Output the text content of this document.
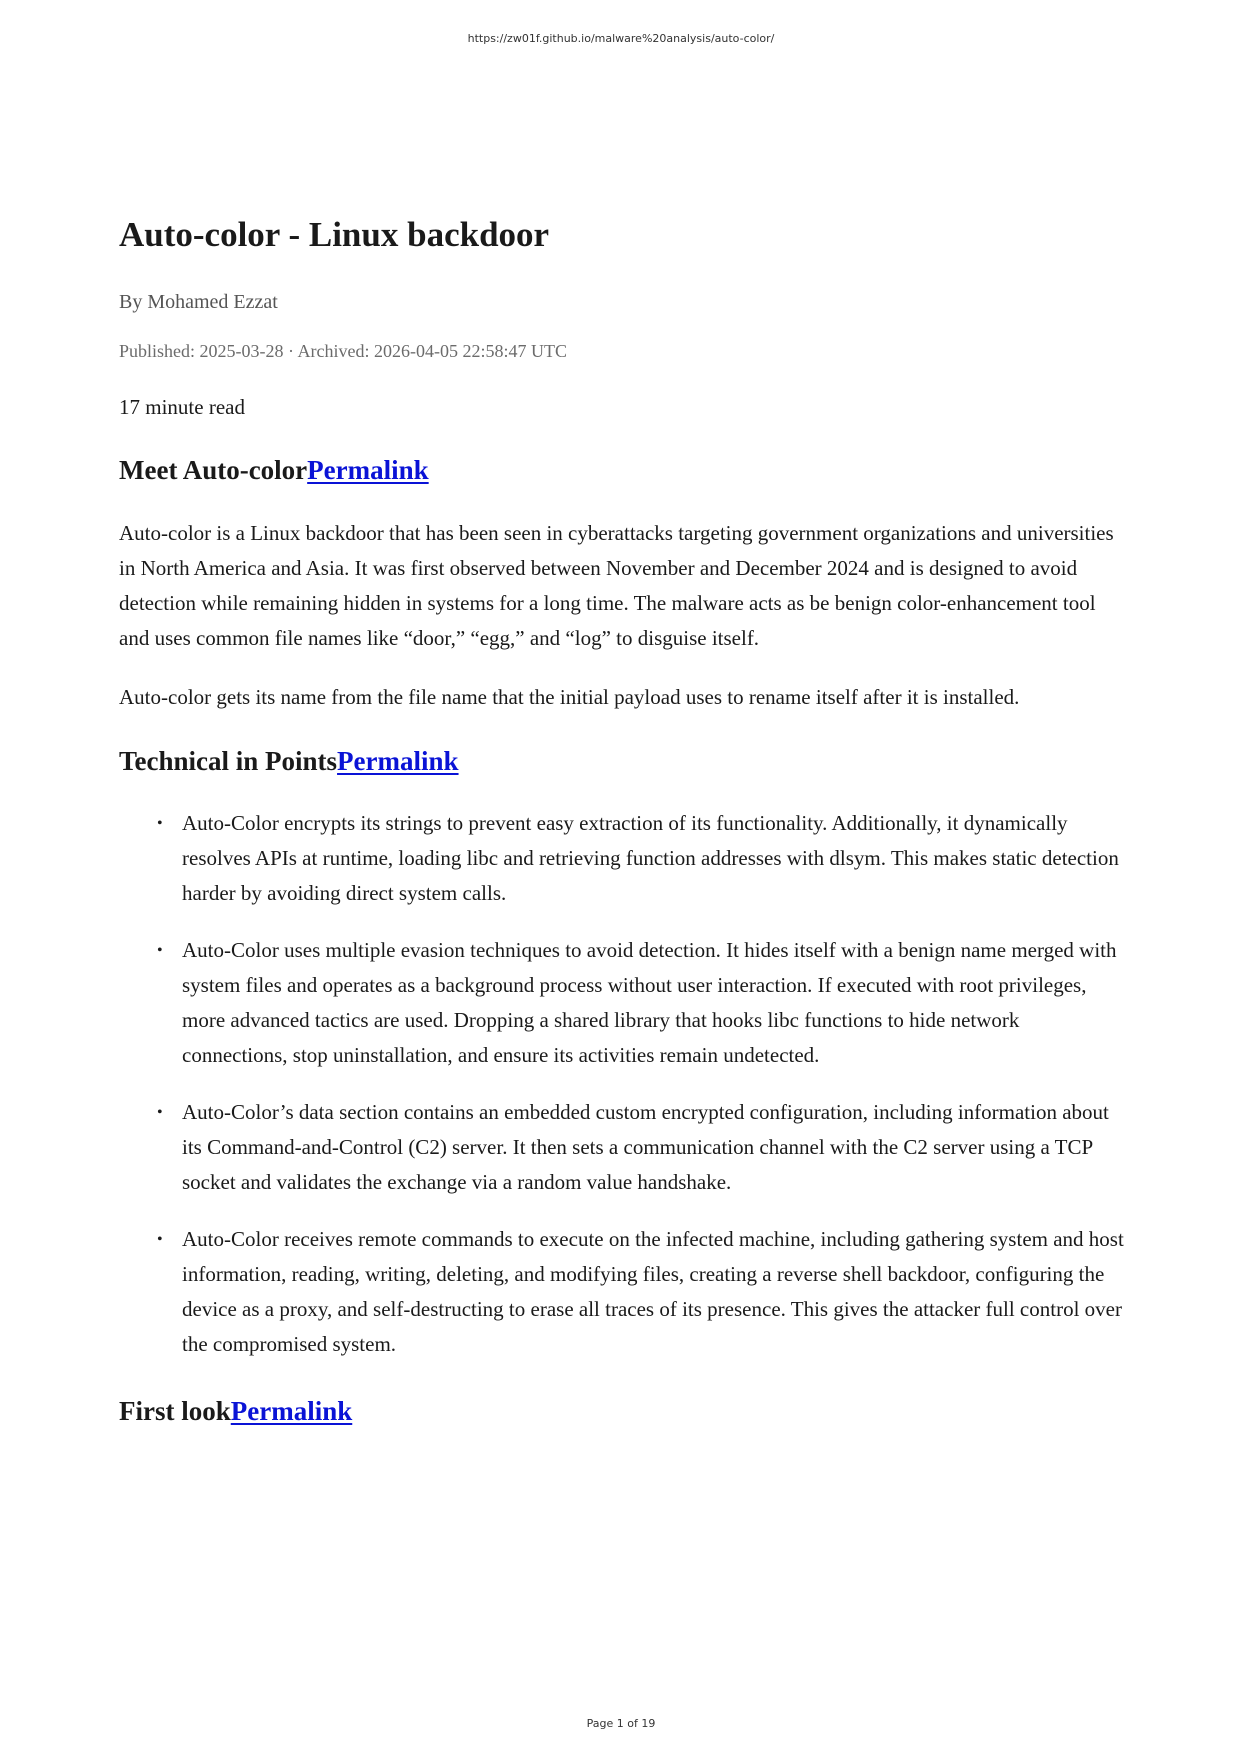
https://zw01f.github.io/malware%20analysis/auto-color/
Auto-color - Linux backdoor
By Mohamed Ezzat
Published: 2025-03-28 · Archived: 2026-04-05 22:58:47 UTC
17 minute read
Meet Auto-colorPermalink

Auto-color is a Linux backdoor that has been seen in cyberattacks targeting government organizations and universities in North America and Asia. It was first observed between November and December 2024 and is designed to avoid detection while remaining hidden in systems for a long time. The malware acts as be benign color-enhancement tool and uses common file names like “door,” “egg,” and “log” to disguise itself.

Auto-color gets its name from the file name that the initial payload uses to rename itself after it is installed.

Technical in PointsPermalink
• Auto-Color encrypts its strings to prevent easy extraction of its functionality. Additionally, it dynamically resolves APIs at runtime, loading libc and retrieving function addresses with dlsym. This makes static detection harder by avoiding direct system calls.
• Auto-Color uses multiple evasion techniques to avoid detection. It hides itself with a benign name merged with system files and operates as a background process without user interaction. If executed with root privileges, more advanced tactics are used. Dropping a shared library that hooks libc functions to hide network connections, stop uninstallation, and ensure its activities remain undetected.
• Auto-Color’s data section contains an embedded custom encrypted configuration, including information about its Command-and-Control (C2) server. It then sets a communication channel with the C2 server using a TCP socket and validates the exchange via a random value handshake.
• Auto-Color receives remote commands to execute on the infected machine, including gathering system and host information, reading, writing, deleting, and modifying files, creating a reverse shell backdoor, configuring the device as a proxy, and self-destructing to erase all traces of its presence. This gives the attacker full control over the compromised system.
First lookPermalink
Page 1 of 19
